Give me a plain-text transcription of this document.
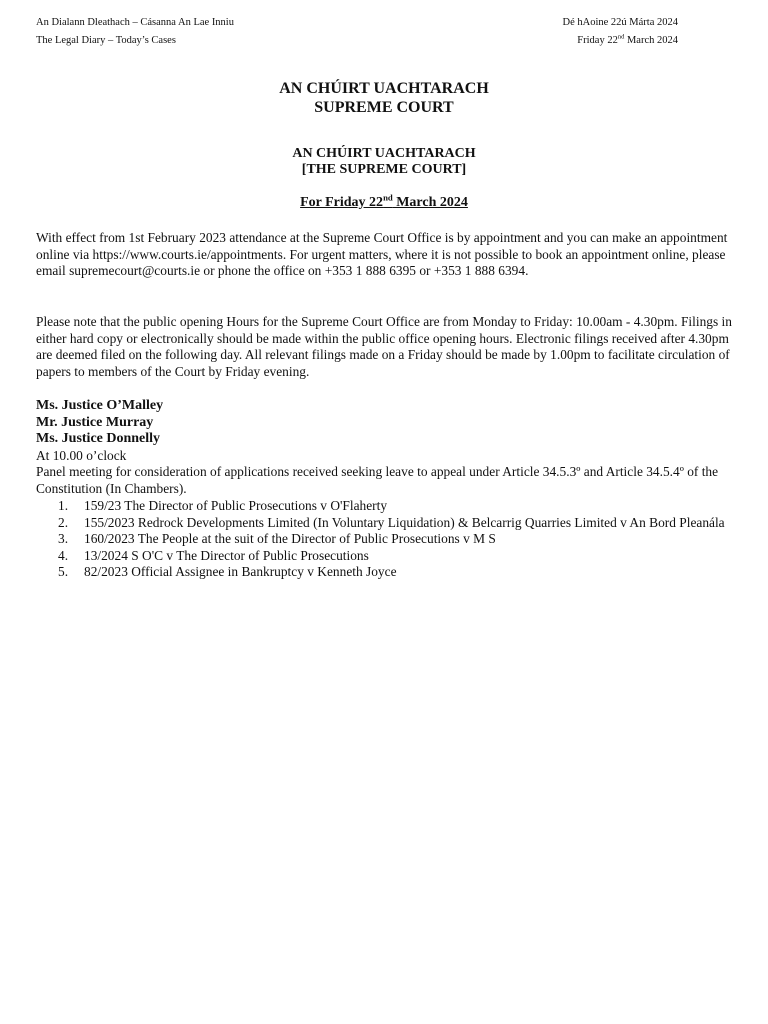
An Dialann Dleathach – Cásanna An Lae Inniu
The Legal Diary – Today’s Cases
Dé hAoine 22ú Márta 2024
Friday 22nd March 2024
AN CHÚIRT UACHTARACH
SUPREME COURT
AN CHÚIRT UACHTARACH
[THE SUPREME COURT]
For Friday 22nd March 2024

With effect from 1st February 2023 attendance at the Supreme Court Office is by appointment and you can make an appointment online via https://www.courts.ie/appointments. For urgent matters, where it is not possible to book an appointment online, please email supremecourt@courts.ie or phone the office on +353 1 888 6395 or +353 1 888 6394.

Please note that the public opening Hours for the Supreme Court Office are from Monday to Friday: 10.00am - 4.30pm. Filings in either hard copy or electronically should be made within the public office opening hours. Electronic filings received after 4.30pm are deemed filed on the following day. All relevant filings made on a Friday should be made by 1.00pm to facilitate circulation of papers to members of the Court by Friday evening.

Ms. Justice O’Malley
Mr. Justice Murray
Ms. Justice Donnelly
At 10.00 o’clock

Panel meeting for consideration of applications received seeking leave to appeal under Article 34.5.3º and Article 34.5.4º of the Constitution (In Chambers).

1. 159/23 The Director of Public Prosecutions v O'Flaherty
2. 155/2023 Redrock Developments Limited (In Voluntary Liquidation) & Belcarrig Quarries Limited v An Bord Pleanála
3. 160/2023 The People at the suit of the Director of Public Prosecutions v M S
4. 13/2024 S O'C v The Director of Public Prosecutions
5. 82/2023 Official Assignee in Bankruptcy v Kenneth Joyce
